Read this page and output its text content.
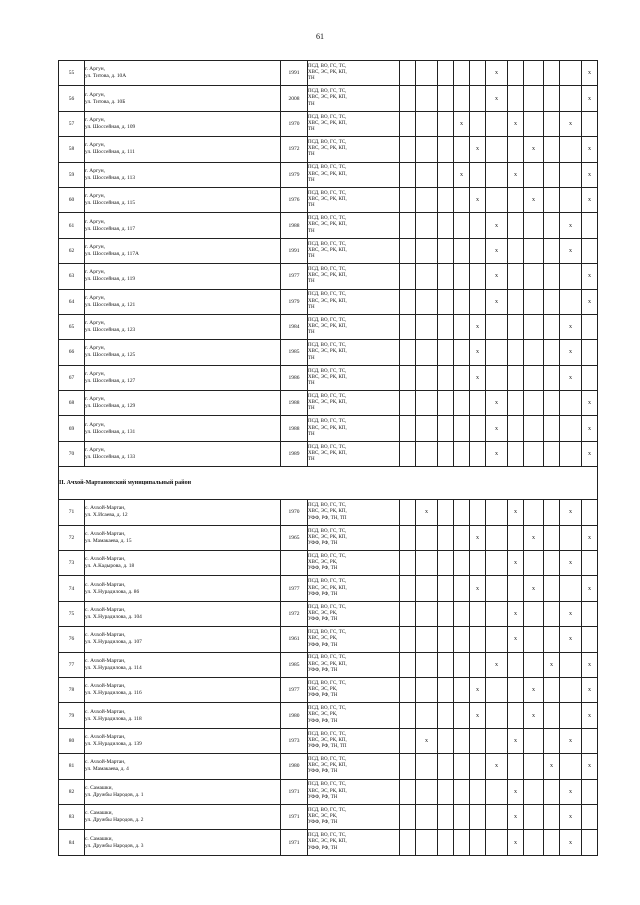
61
55	г. Аргун,
ул. Титова, д. 10А	1991	ПСД, ВО, ГС, ТС,
ХВС, ЭС, РК, КП,
ТН						х					х
56	г. Аргун,
ул. Титова, д. 10Б	2008	ПСД, ВО, ГС, ТС,
ХВС, ЭС, РК, КП,
ТН						х					х
57	г. Аргун,
ул. Шоссейная, д. 109	1970	ПСД, ВО, ГС, ТС,
ХВС, ЭС, РК, КП,
ТН				х			х			х	
58	г. Аргун,
ул. Шоссейная, д. 111	1972	ПСД, ВО, ГС, ТС,
ХВС, ЭС, РК, КП,
ТН					х			х			х
59	г. Аргун,
ул. Шоссейная, д. 113	1979	ПСД, ВО, ГС, ТС,
ХВС, ЭС, РК, КП,
ТН				х			х				х
60	г. Аргун,
ул. Шоссейная, д. 115	1976	ПСД, ВО, ГС, ТС,
ХВС, ЭС, РК, КП,
ТН					х			х			х
61	г. Аргун,
ул. Шоссейная, д. 117	1988	ПСД, ВО, ГС, ТС,
ХВС, ЭС, РК, КП,
ТН						х				х	
62	г. Аргун,
ул. Шоссейная, д. 117А	1991	ПСД, ВО, ГС, ТС,
ХВС, ЭС, РК, КП,
ТН						х				х	
63	г. Аргун,
ул. Шоссейная, д. 119	1977	ПСД, ВО, ГС, ТС,
ХВС, ЭС, РК, КП,
ТН						х					х
64	г. Аргун,
ул. Шоссейная, д. 121	1979	ПСД, ВО, ГС, ТС,
ХВС, ЭС, РК, КП,
ТН						х					х
65	г. Аргун,
ул. Шоссейная, д. 123	1984	ПСД, ВО, ГС, ТС,
ХВС, ЭС, РК, КП,
ТН					х					х	
66	г. Аргун,
ул. Шоссейная, д. 125	1985	ПСД, ВО, ГС, ТС,
ХВС, ЭС, РК, КП,
ТН					х					х	
67	г. Аргун,
ул. Шоссейная, д. 127	1986	ПСД, ВО, ГС, ТС,
ХВС, ЭС, РК, КП,
ТН					х					х	
68	г. Аргун,
ул. Шоссейная, д. 129	1988	ПСД, ВО, ГС, ТС,
ХВС, ЭС, РК, КП,
ТН						х					х
69	г. Аргун,
ул. Шоссейная, д. 131	1988	ПСД, ВО, ГС, ТС,
ХВС, ЭС, РК, КП,
ТН						х					х
70	г. Аргун,
ул. Шоссейная, д. 133	1989	ПСД, ВО, ГС, ТС,
ХВС, ЭС, РК, КП,
ТН						х					х
II. Ачхой-Мартановский муниципальный район														
71	с. Ачхой-Мартан,
ул. Х.Исаева, д. 12	1970	ПСД, ВО, ГС, ТС,
ХВС, ЭС, РК, КП,
УФФ, РФ, ТН, ТП		х					х			х	
72	с. Ачхой-Мартан,
ул. Мамакаева, д. 15	1965	ПСД, ВО, ГС, ТС,
ХВС, ЭС, РК, КП,
УФФ, РФ, ТН					х			х			х
73	с. Ачхой-Мартан,
ул. А.Кадырова, д. 18		ПСД, ВО, ГС, ТС,
ХВС, ЭС, РК,
УФФ, РФ, ТН							х			х	
74	с. Ачхой-Мартан,
ул. Х.Нурадилова, д. 86	1977	ПСД, ВО, ГС, ТС,
ХВС, ЭС, РК, КП,
УФФ, РФ, ТН					х			х			х
75	с. Ачхой-Мартан,
ул. Х.Нурадилова, д. 104	1972	ПСД, ВО, ГС, ТС,
ХВС, ЭС, РК,
УФФ, РФ, ТН							х			х	
76	с. Ачхой-Мартан,
ул. Х.Нурадилова, д. 107	1961	ПСД, ВО, ГС, ТС,
ХВС, ЭС, РК,
УФФ, РФ, ТН							х			х	
77	с. Ачхой-Мартан,
ул. Х.Нурадилова, д. 114	1985	ПСД, ВО, ГС, ТС,
ХВС, ЭС, РК, КП,
УФФ, РФ, ТН						х			х		х
78	с. Ачхой-Мартан,
ул. Х.Нурадилова, д. 116	1977	ПСД, ВО, ГС, ТС,
ХВС, ЭС, РК,
УФФ, РФ, ТН					х			х			х
79	с. Ачхой-Мартан,
ул. Х.Нурадилова, д. 118	1980	ПСД, ВО, ГС, ТС,
ХВС, ЭС, РК,
УФФ, РФ, ТН					х			х			х
80	с. Ачхой-Мартан,
ул. Х.Нурадилова, д. 139	1973	ПСД, ВО, ГС, ТС,
ХВС, ЭС, РК, КП,
УФФ, РФ, ТН, ТП		х					х			х	
81	с. Ачхой-Мартан,
ул. Мамакаева, д. 4	1980	ПСД, ВО, ГС, ТС,
ХВС, ЭС, РК, КП,
УФФ, РФ, ТН						х			х		х
82	с. Самашки,
ул. Дружбы Народов, д. 1	1971	ПСД, ВО, ГС, ТС,
ХВС, ЭС, РК, КП,
УФФ, РФ, ТН							х			х	
83	с. Самашки,
ул. Дружбы Народов, д. 2	1971	ПСД, ВО, ГС, ТС,
ХВС, ЭС, РК,
УФФ, РФ, ТН							х			х	
84	с. Самашки,
ул. Дружбы Народов, д. 3	1971	ПСД, ВО, ГС, ТС,
ХВС, ЭС, РК, КП,
УФФ, РФ, ТН							х			х	
